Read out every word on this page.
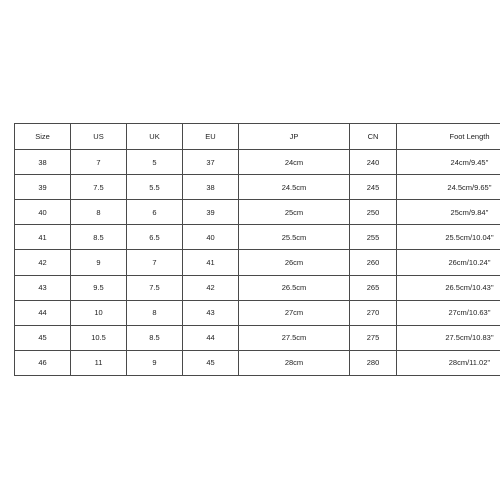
Size	US	UK	EU	JP	CN	Foot Length
38	7	5	37	24cm	240	24cm/9.45''
39	7.5	5.5	38	24.5cm	245	24.5cm/9.65''
40	8	6	39	25cm	250	25cm/9.84''
41	8.5	6.5	40	25.5cm	255	25.5cm/10.04''
42	9	7	41	26cm	260	26cm/10.24''
43	9.5	7.5	42	26.5cm	265	26.5cm/10.43''
44	10	8	43	27cm	270	27cm/10.63''
45	10.5	8.5	44	27.5cm	275	27.5cm/10.83''
46	11	9	45	28cm	280	28cm/11.02''
